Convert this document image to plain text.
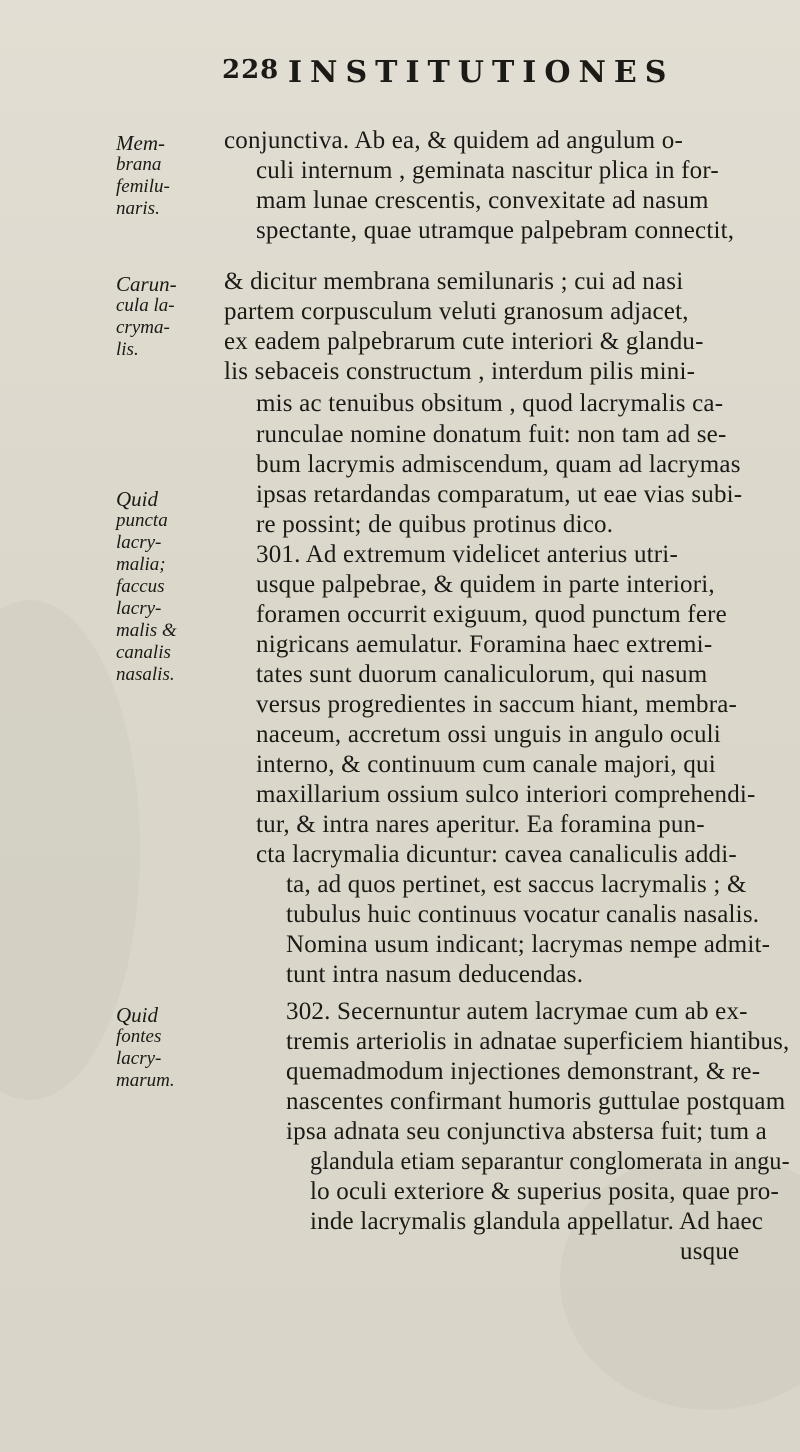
228 INSTITUTIONES
Mem-
brana
femilu-
naris.
Carun-
cula la-
cryma-
lis.
Quid
puncta
lacry-
malia;
faccus
lacry-
malis &
canalis
nasalis.
Quid
fontes
lacry-
marum.
conjunctiva. Ab ea, & quidem ad angulum o-
culi internum , geminata nascitur plica in for-
mam lunae crescentis, convexitate ad nasum
spectante, quae utramque palpebram connectit,
& dicitur membrana semilunaris ; cui ad nasi
partem corpusculum veluti granosum adjacet,
ex eadem palpebrarum cute interiori & glandu-
lis sebaceis constructum , interdum pilis mini-
mis ac tenuibus obsitum , quod lacrymalis ca-
runculae nomine donatum fuit: non tam ad se-
bum lacrymis admiscendum, quam ad lacrymas
ipsas retardandas comparatum, ut eae vias subi-
re possint; de quibus protinus dico.
301. Ad extremum videlicet anterius utri-
usque palpebrae, & quidem in parte interiori,
foramen occurrit exiguum, quod punctum fere
nigricans aemulatur. Foramina haec extremi-
tates sunt duorum canaliculorum, qui nasum
versus progredientes in saccum hiant, membra-
naceum, accretum ossi unguis in angulo oculi
interno, & continuum cum canale majori, qui
maxillarium ossium sulco interiori comprehendi-
tur, & intra nares aperitur. Ea foramina pun-
cta lacrymalia dicuntur: cavea canaliculis addi-
ta, ad quos pertinet, est saccus lacrymalis ; &
tubulus huic continuus vocatur canalis nasalis.
Nomina usum indicant; lacrymas nempe admit-
tunt intra nasum deducendas.
302. Secernuntur autem lacrymae cum ab ex-
tremis arteriolis in adnatae superficiem hiantibus,
quemadmodum injectiones demonstrant, & re-
nascentes confirmant humoris guttulae postquam
ipsa adnata seu conjunctiva abstersa fuit; tum a
glandula etiam separantur conglomerata in angu-
lo oculi exteriore & superius posita, quae pro-
inde lacrymalis glandula appellatur. Ad haec
usque
